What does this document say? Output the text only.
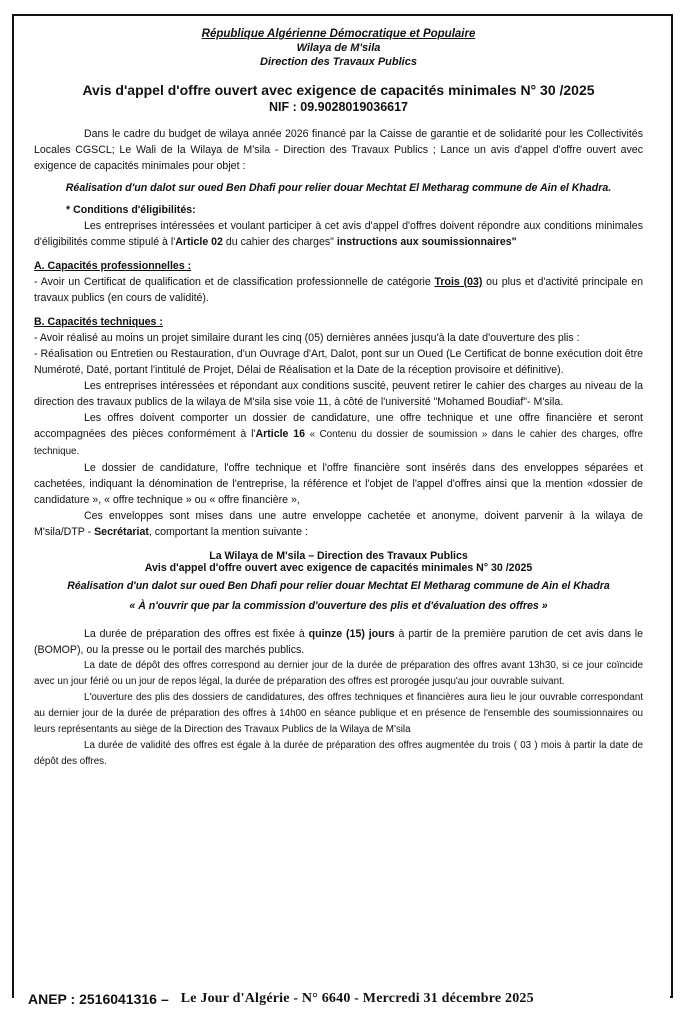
République Algérienne Démocratique et Populaire
Wilaya de M'sila
Direction des Travaux Publics
Avis d'appel d'offre ouvert avec exigence de capacités minimales N° 30 /2025
NIF : 09.9028019036617

Dans le cadre du budget de wilaya année 2026 financé par la Caisse de garantie et de solidarité pour les Collectivités Locales CGSCL; Le Wali de la Wilaya de M'sila - Direction des Travaux Publics ; Lance un avis d'appel d'offre ouvert avec exigence de capacités minimales pour objet :

Réalisation d'un dalot sur oued Ben Dhafi pour relier douar Mechtat El Metharag commune de Ain el Khadra.
* Conditions d'éligibilités:

Les entreprises intéressées et voulant participer à cet avis d'appel d'offres doivent répondre aux conditions minimales d'éligibilités comme stipulé à l'Article 02 du cahier des charges" instructions aux soumissionnaires"

A. Capacités professionnelles :

- Avoir un Certificat de qualification et de classification professionnelle de catégorie Trois (03) ou plus et d'activité principale en travaux publics (en cours de validité).

B. Capacités techniques :

- Avoir réalisé au moins un projet similaire durant les cinq (05) dernières années jusqu'à la date d'ouverture des plis :

- Réalisation ou Entretien ou Restauration, d'un Ouvrage d'Art, Dalot, pont sur un Oued (Le Certificat de bonne exécution doit être Numéroté, Daté, portant l'intitulé de Projet, Délai de Réalisation et la Date de la réception provisoire et définitive).

Les entreprises intéressées et répondant aux conditions suscité, peuvent retirer le cahier des charges au niveau de la direction des travaux publics de la wilaya de M'sila sise voie 11, à côté de l'université "Mohamed Boudiaf"- M'sila.

Les offres doivent comporter un dossier de candidature, une offre technique et une offre financière et seront accompagnées des pièces conformément à l'Article 16 « Contenu du dossier de soumission » dans le cahier des charges, offre technique.

Le dossier de candidature, l'offre technique et l'offre financière sont insérés dans des enveloppes séparées et cachetées, indiquant la dénomination de l'entreprise, la référence et l'objet de l'appel d'offres ainsi que la mention «dossier de candidature », « offre technique » ou « offre financière »,

Ces enveloppes sont mises dans une autre enveloppe cachetée et anonyme, doivent parvenir à la wilaya de M'sila/DTP - Secrétariat, comportant la mention suivante :

La Wilaya de M'sila – Direction des Travaux Publics
Avis d'appel d'offre ouvert avec exigence de capacités minimales N° 30 /2025
Réalisation d'un dalot sur oued Ben Dhafi pour relier douar Mechtat El Metharag commune de Ain el Khadra
« À n'ouvrir que par la commission d'ouverture des plis et d'évaluation des offres »

La durée de préparation des offres est fixée à quinze (15) jours à partir de la première parution de cet avis dans le (BOMOP), ou la presse ou le portail des marchés publics.

La date de dépôt des offres correspond au dernier jour de la durée de préparation des offres avant 13h30, si ce jour coïncide avec un jour férié ou un jour de repos légal, la durée de préparation des offres est prorogée jusqu'au jour ouvrable suivant.

L'ouverture des plis des dossiers de candidatures, des offres techniques et financières aura lieu le jour ouvrable correspondant au dernier jour de la durée de préparation des offres à 14h00 en séance publique et en présence de l'ensemble des soumissionnaires ou leurs représentants au siège de la Direction des Travaux Publics de la Wilaya de M'sila

La durée de validité des offres est égale à la durée de préparation des offres augmentée du trois ( 03 ) mois à partir la date de dépôt des offres.

ANEP : 2516041316 – Le Jour d'Algérie - N° 6640 - Mercredi 31 décembre 2025
